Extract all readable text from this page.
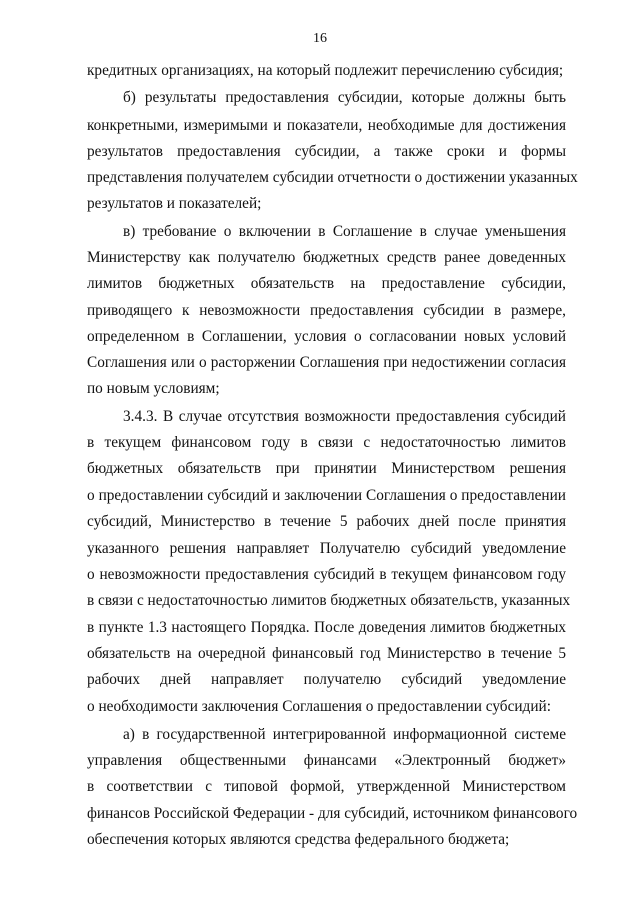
16
кредитных организациях, на который подлежит перечислению субсидия;
б) результаты предоставления субсидии, которые должны быть
конкретными, измеримыми и показатели, необходимые для достижения
результатов предоставления субсидии, а также сроки и формы
представления получателем субсидии отчетности о достижении указанных
результатов и показателей;
в) требование о включении в Соглашение в случае уменьшения
Министерству как получателю бюджетных средств ранее доведенных
лимитов бюджетных обязательств на предоставление субсидии,
приводящего к невозможности предоставления субсидии в размере,
определенном в Соглашении, условия о согласовании новых условий
Соглашения или о расторжении Соглашения при недостижении согласия
по новым условиям;
3.4.3. В случае отсутствия возможности предоставления субсидий
в текущем финансовом году в связи с недостаточностью лимитов
бюджетных обязательств при принятии Министерством решения
о предоставлении субсидий и заключении Соглашения о предоставлении
субсидий, Министерство в течение 5 рабочих дней после принятия
указанного решения направляет Получателю субсидий уведомление
о невозможности предоставления субсидий в текущем финансовом году
в связи с недостаточностью лимитов бюджетных обязательств, указанных
в пункте 1.3 настоящего Порядка. После доведения лимитов бюджетных
обязательств на очередной финансовый год Министерство в течение 5
рабочих дней направляет получателю субсидий уведомление
о необходимости заключения Соглашения о предоставлении субсидий:
а) в государственной интегрированной информационной системе
управления общественными финансами «Электронный бюджет»
в соответствии с типовой формой, утвержденной Министерством
финансов Российской Федерации - для субсидий, источником финансового
обеспечения которых являются средства федерального бюджета;
